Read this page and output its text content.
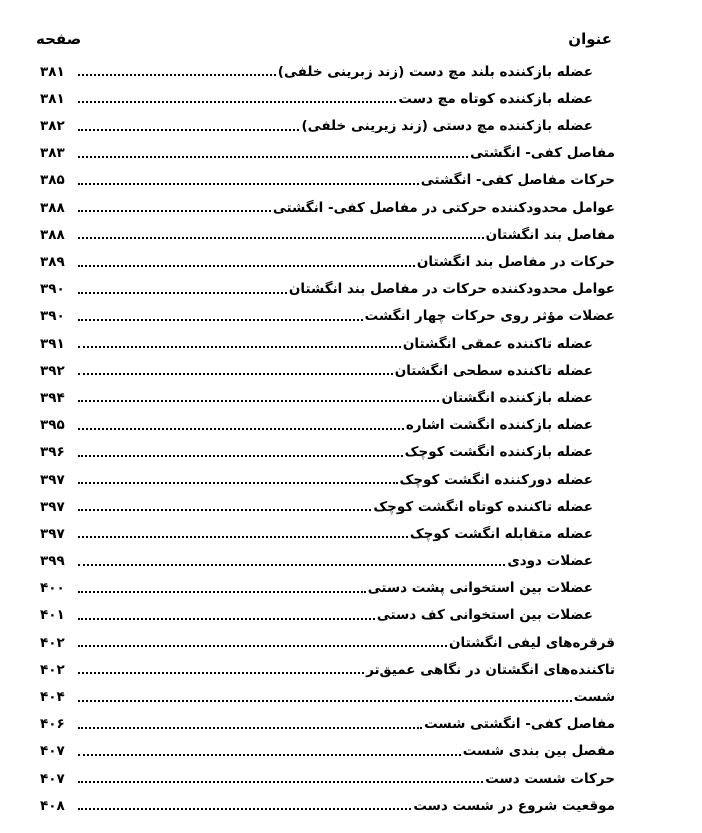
عنوان
صفحه
عضله بازکننده بلند مچ دست (زند زبرینی خلفی)
۳۸۱
عضله بازکننده کوتاه مچ دست
۳۸۱
عضله بازکننده مچ دستی (زند زیرینی خلفی)
۳۸۲
مفاصل کفی- انگشتی
۳۸۳
حرکات مفاصل کفی- انگشتی
۳۸۵
عوامل محدودکننده حرکتی در مفاصل کفی- انگشتی
۳۸۸
مفاصل بند انگشتان
۳۸۸
حرکات در مفاصل بند انگشتان
۳۸۹
عوامل محدودکننده حرکات در مفاصل بند انگشتان
۳۹۰
عضلات مؤثر روی حرکات چهار انگشت
۳۹۰
عضله تاکننده عمقی انگشتان
۳۹۱
عضله تاکننده سطحی انگشتان
۳۹۲
عضله بازکننده انگشتان
۳۹۴
عضله بازکننده انگشت اشاره
۳۹۵
عضله بازکننده انگشت کوچک
۳۹۶
عضله دورکننده انگشت کوچک
۳۹۷
عضله تاکننده کوتاه انگشت کوچک
۳۹۷
عضله متقابله انگشت کوچک
۳۹۷
عضلات دودی
۳۹۹
عضلات بین استخوانی پشت دستی
۴۰۰
عضلات بین استخوانی کف دستی
۴۰۱
قرقره‌های لیفی انگشتان
۴۰۲
تاکننده‌های انگشتان در نگاهی عمیق‌تر
۴۰۲
شست
۴۰۴
مفاصل کفی- انگشتی شست
۴۰۶
مفصل بین بندی شست
۴۰۷
حرکات شست دست
۴۰۷
موقعیت شروع در شست دست
۴۰۸
